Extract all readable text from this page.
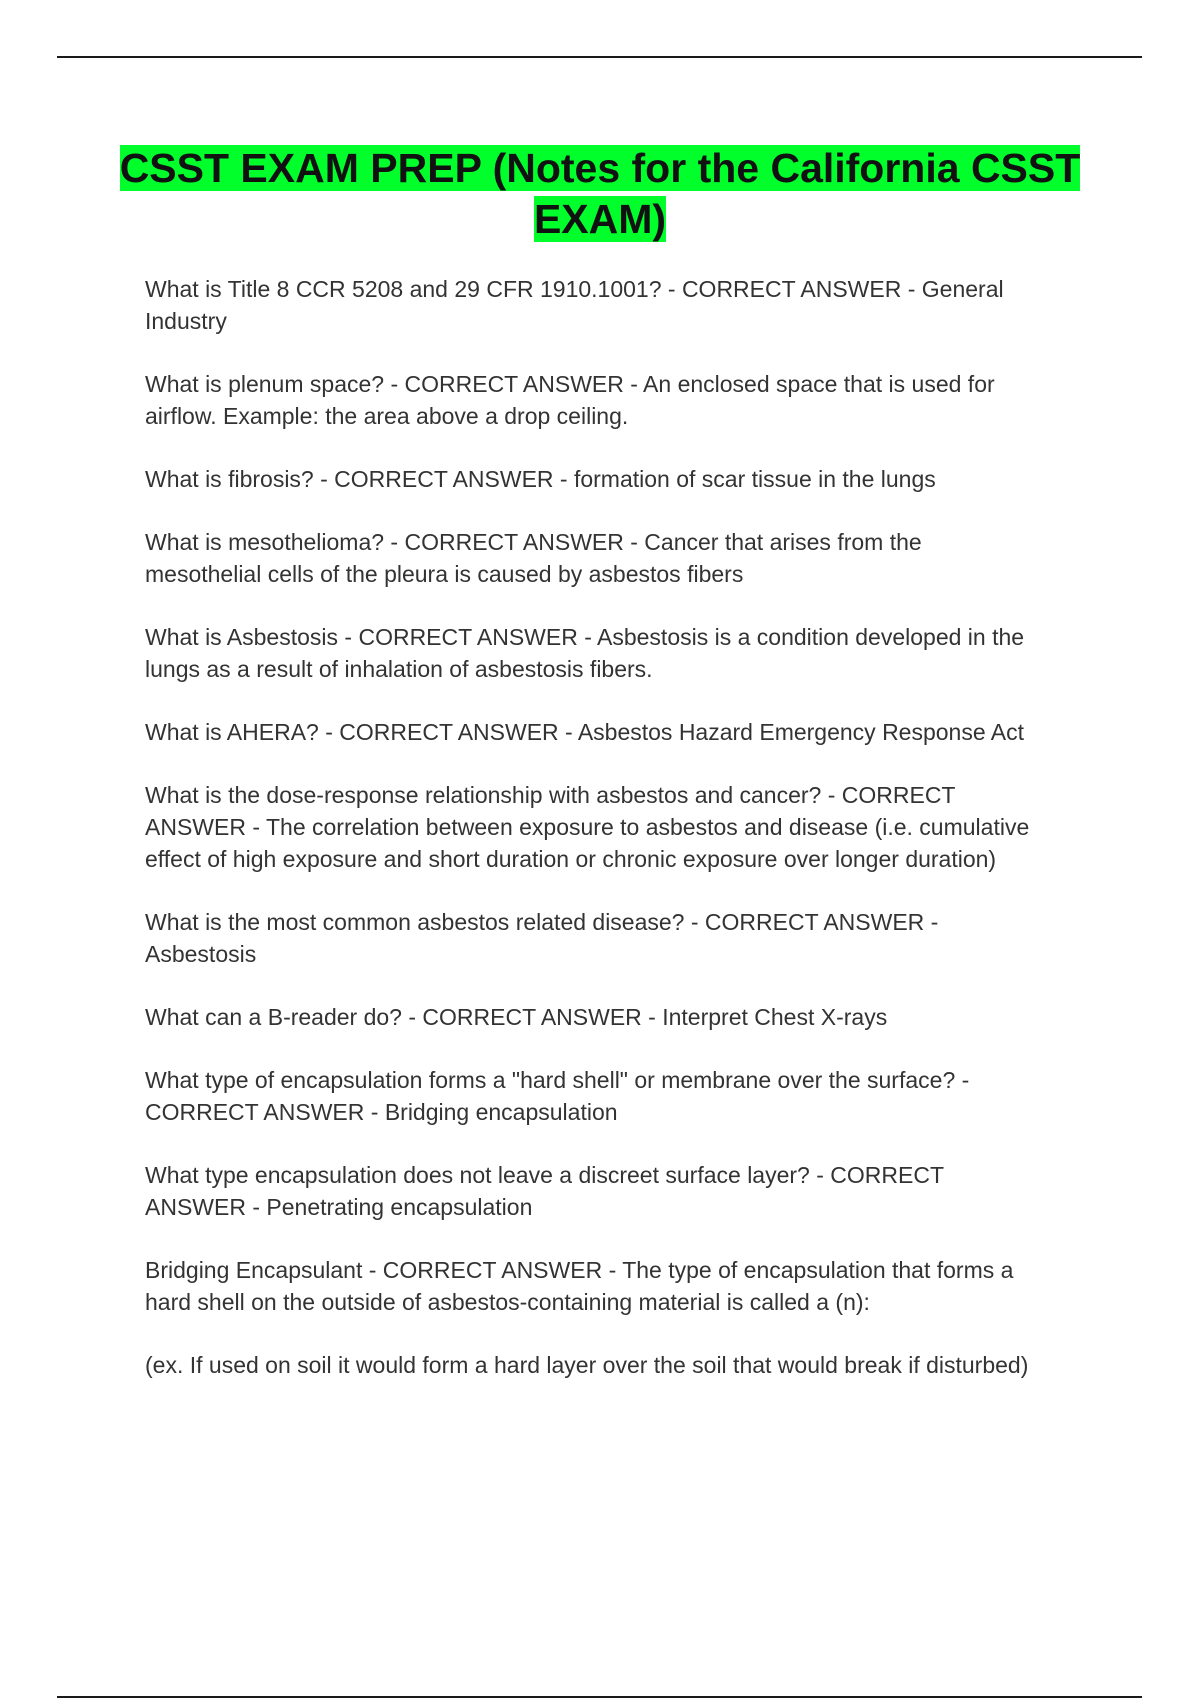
CSST EXAM PREP (Notes for the California CSST EXAM)

What is Title 8 CCR 5208 and 29 CFR 1910.1001? - CORRECT ANSWER - General
Industry

What is plenum space? - CORRECT ANSWER - An enclosed space that is used for
airflow. Example: the area above a drop ceiling.

What is fibrosis? - CORRECT ANSWER - formation of scar tissue in the lungs

What is mesothelioma? - CORRECT ANSWER - Cancer that arises from the
mesothelial cells of the pleura is caused by asbestos fibers

What is Asbestosis - CORRECT ANSWER - Asbestosis is a condition developed in the
lungs as a result of inhalation of asbestosis fibers.

What is AHERA? - CORRECT ANSWER - Asbestos Hazard Emergency Response Act

What is the dose-response relationship with asbestos and cancer? - CORRECT
ANSWER - The correlation between exposure to asbestos and disease (i.e. cumulative
effect of high exposure and short duration or chronic exposure over longer duration)

What is the most common asbestos related disease? - CORRECT ANSWER -
Asbestosis

What can a B-reader do? - CORRECT ANSWER - Interpret Chest X-rays

What type of encapsulation forms a "hard shell" or membrane over the surface? -
CORRECT ANSWER - Bridging encapsulation

What type encapsulation does not leave a discreet surface layer? - CORRECT
ANSWER - Penetrating encapsulation

Bridging Encapsulant - CORRECT ANSWER - The type of encapsulation that forms a
hard shell on the outside of asbestos-containing material is called a (n):

(ex. If used on soil it would form a hard layer over the soil that would break if disturbed)
